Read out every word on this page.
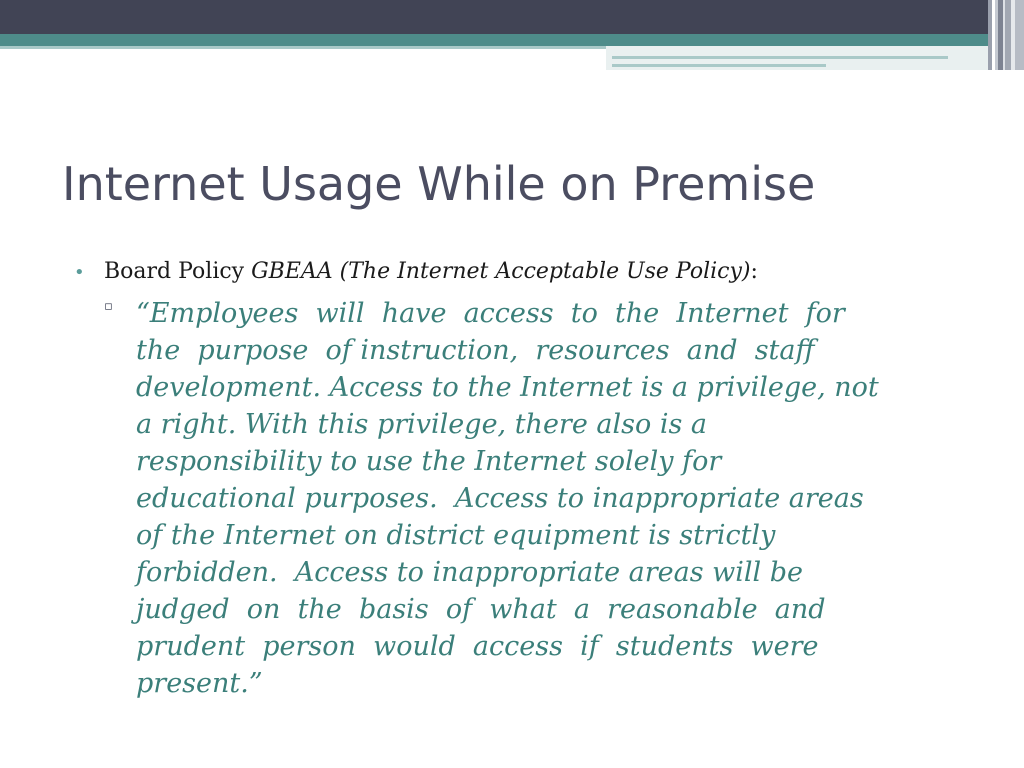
Internet Usage While on Premise
• Board Policy GBEAA (The Internet Acceptable Use Policy):
▫ “Employees  will  have  access  to  the  Internet  for
the  purpose  of instruction,  resources  and  staff
development. Access to the Internet is a privilege, not
a right. With this privilege, there also is a
responsibility to use the Internet solely for
educational purposes.  Access to inappropriate areas
of the Internet on district equipment is strictly
forbidden.  Access to inappropriate areas will be
judged  on  the  basis  of  what  a  reasonable  and
prudent  person  would  access  if  students  were
present.”
